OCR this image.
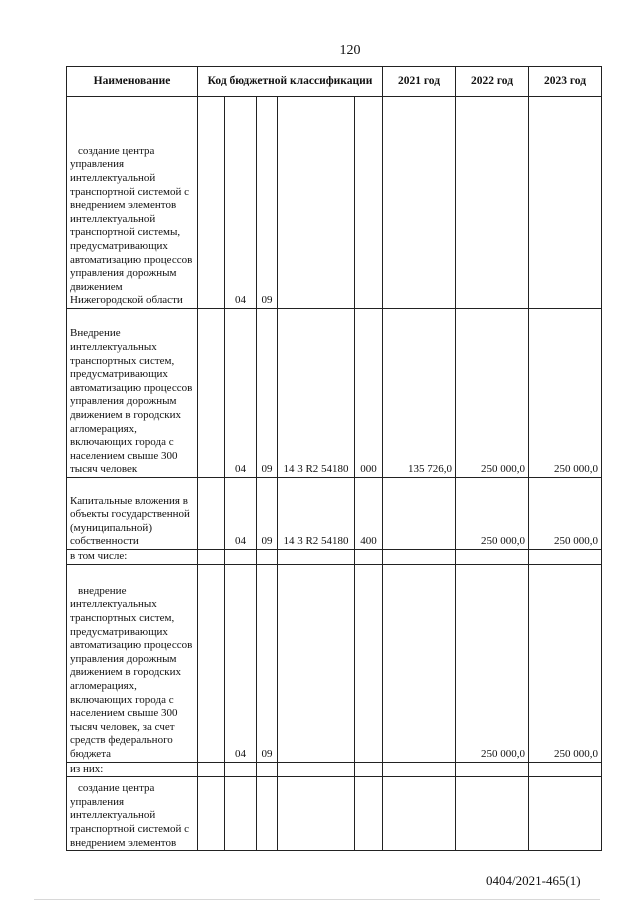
120
Наименование	Код бюджетной классификации					2021 год	2022 год	2023 год
создание центра управления интеллектуальной транспортной системой с внедрением элементов интеллектуальной транспортной системы, предусматривающих автоматизацию процессов управления дорожным движением Нижегородской области		04	09					
Внедрение интеллектуальных транспортных систем, предусматривающих автоматизацию процессов управления дорожным движением в городских агломерациях, включающих города с населением свыше 300 тысяч человек		04	09	14 3 R2 54180	000	135 726,0	250 000,0	250 000,0
Капитальные вложения в объекты государственной (муниципальной) собственности		04	09	14 3 R2 54180	400		250 000,0	250 000,0
в том числе:								
внедрение интеллектуальных транспортных систем, предусматривающих автоматизацию процессов управления дорожным движением в городских агломерациях, включающих города с населением свыше 300 тысяч человек, за счет средств федерального бюджета		04	09				250 000,0	250 000,0
из них:								
создание центра управления интеллектуальной транспортной системой с внедрением элементов								
0404/2021-465(1)
